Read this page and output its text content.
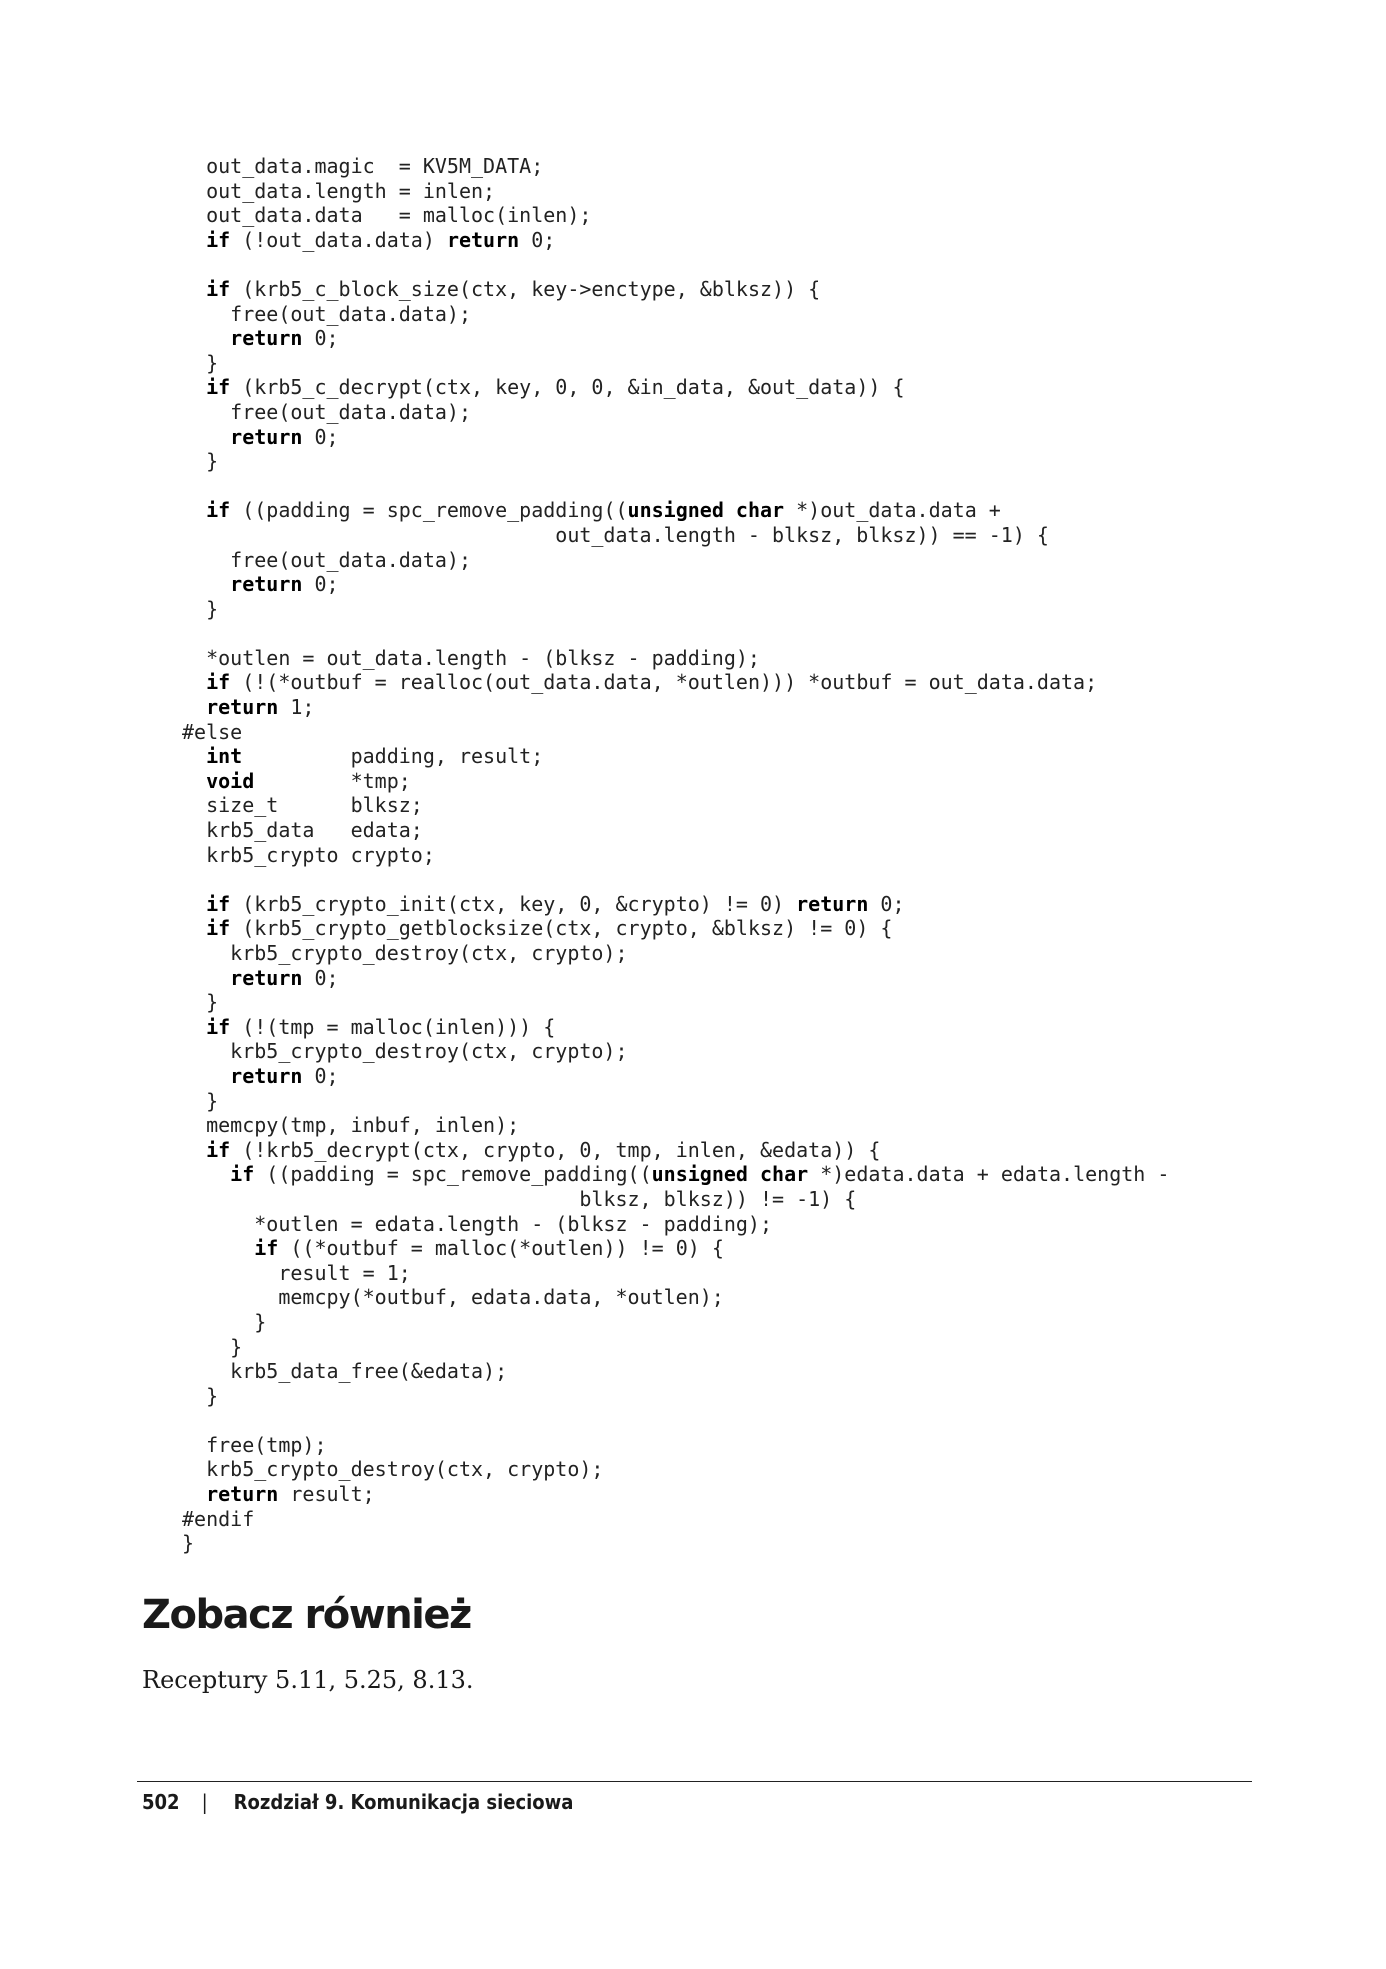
out_data.magic  = KV5M_DATA;
out_data.length = inlen;
out_data.data   = malloc(inlen);
if (!out_data.data) return 0;
if (krb5_c_block_size(ctx, key->enctype, &blksz)) {
free(out_data.data);
return 0;
}
if (krb5_c_decrypt(ctx, key, 0, 0, &in_data, &out_data)) {
free(out_data.data);
return 0;
}
if ((padding = spc_remove_padding((unsigned char *)out_data.data +
out_data.length - blksz, blksz)) == -1) {
free(out_data.data);
return 0;
}
*outlen = out_data.length - (blksz - padding);
if (!(*outbuf = realloc(out_data.data, *outlen))) *outbuf = out_data.data;
return 1;
#else
int         padding, result;
void        *tmp;
size_t      blksz;
krb5_data   edata;
krb5_crypto crypto;
if (krb5_crypto_init(ctx, key, 0, &crypto) != 0) return 0;
if (krb5_crypto_getblocksize(ctx, crypto, &blksz) != 0) {
krb5_crypto_destroy(ctx, crypto);
return 0;
}
if (!(tmp = malloc(inlen))) {
krb5_crypto_destroy(ctx, crypto);
return 0;
}
memcpy(tmp, inbuf, inlen);
if (!krb5_decrypt(ctx, crypto, 0, tmp, inlen, &edata)) {
if ((padding = spc_remove_padding((unsigned char *)edata.data + edata.length -
blksz, blksz)) != -1) {
*outlen = edata.length - (blksz - padding);
if ((*outbuf = malloc(*outlen)) != 0) {
result = 1;
memcpy(*outbuf, edata.data, *outlen);
}
}
krb5_data_free(&edata);
}
free(tmp);
krb5_crypto_destroy(ctx, crypto);
return result;
#endif
}
Zobacz również

Receptury 5.11, 5.25, 8.13.

502 | Rozdział 9. Komunikacja sieciowa
